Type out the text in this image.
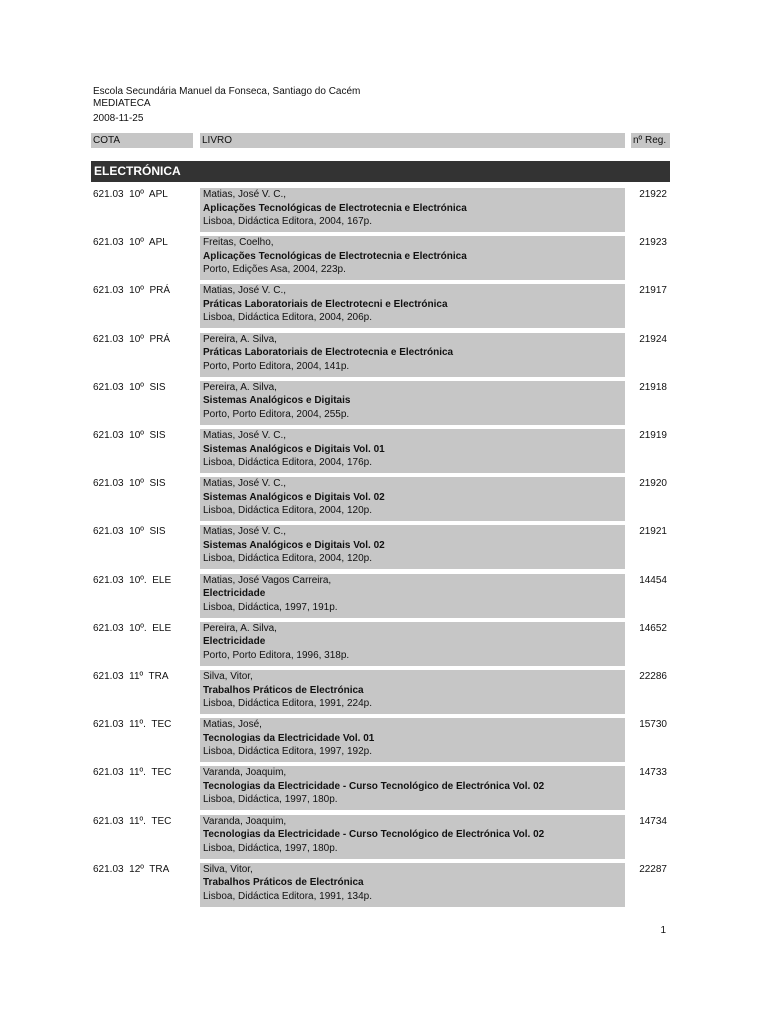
Escola Secundária Manuel da Fonseca, Santiago do Cacém
MEDIATECA
2008-11-25
COTA	LIVRO	nº Reg.
ELECTRÓNICA
621.03  10º  APL	Matias, José V. C.,
Aplicações Tecnológicas de Electrotecnia e Electrónica
Lisboa, Didáctica Editora, 2004, 167p.
21922
621.03  10º  APL	Freitas, Coelho,
Aplicações Tecnológicas de Electrotecnia e Electrónica
Porto, Edições Asa, 2004, 223p.
21923
621.03  10º  PRÁ	Matias, José V. C.,
Práticas Laboratoriais de Electrotecni e Electrónica
Lisboa, Didáctica Editora, 2004, 206p.
21917
621.03  10º  PRÁ	Pereira, A. Silva,
Práticas Laboratoriais de Electrotecnia e Electrónica
Porto, Porto Editora, 2004, 141p.
21924
621.03  10º  SIS	Pereira, A. Silva,
Sistemas Analógicos e Digitais
Porto, Porto Editora, 2004, 255p.
21918
621.03  10º  SIS	Matias, José V. C.,
Sistemas Analógicos e Digitais Vol. 01
Lisboa, Didáctica Editora, 2004, 176p.
21919
621.03  10º  SIS	Matias, José V. C.,
Sistemas Analógicos e Digitais Vol. 02
Lisboa, Didáctica Editora, 2004, 120p.
21920
621.03  10º  SIS	Matias, José V. C.,
Sistemas Analógicos e Digitais Vol. 02
Lisboa, Didáctica Editora, 2004, 120p.
21921
621.03  10º.  ELE	Matias, José Vagos Carreira,
Electricidade
Lisboa, Didáctica, 1997, 191p.
14454
621.03  10º.  ELE	Pereira, A. Silva,
Electricidade
Porto, Porto Editora, 1996, 318p.
14652
621.03  11º  TRA	Silva, Vitor,
Trabalhos Práticos de Electrónica
Lisboa, Didáctica Editora, 1991, 224p.
22286
621.03  11º.  TEC	Matias, José,
Tecnologias da Electricidade Vol. 01
Lisboa, Didáctica Editora, 1997, 192p.
15730
621.03  11º.  TEC	Varanda, Joaquim,
Tecnologias da Electricidade - Curso Tecnológico de Electrónica Vol. 02
Lisboa, Didáctica, 1997, 180p.
14733
621.03  11º.  TEC	Varanda, Joaquim,
Tecnologias da Electricidade - Curso Tecnológico de Electrónica Vol. 02
Lisboa, Didáctica, 1997, 180p.
14734
621.03  12º  TRA	Silva, Vitor,
Trabalhos Práticos de Electrónica
Lisboa, Didáctica Editora, 1991, 134p.
22287
1
